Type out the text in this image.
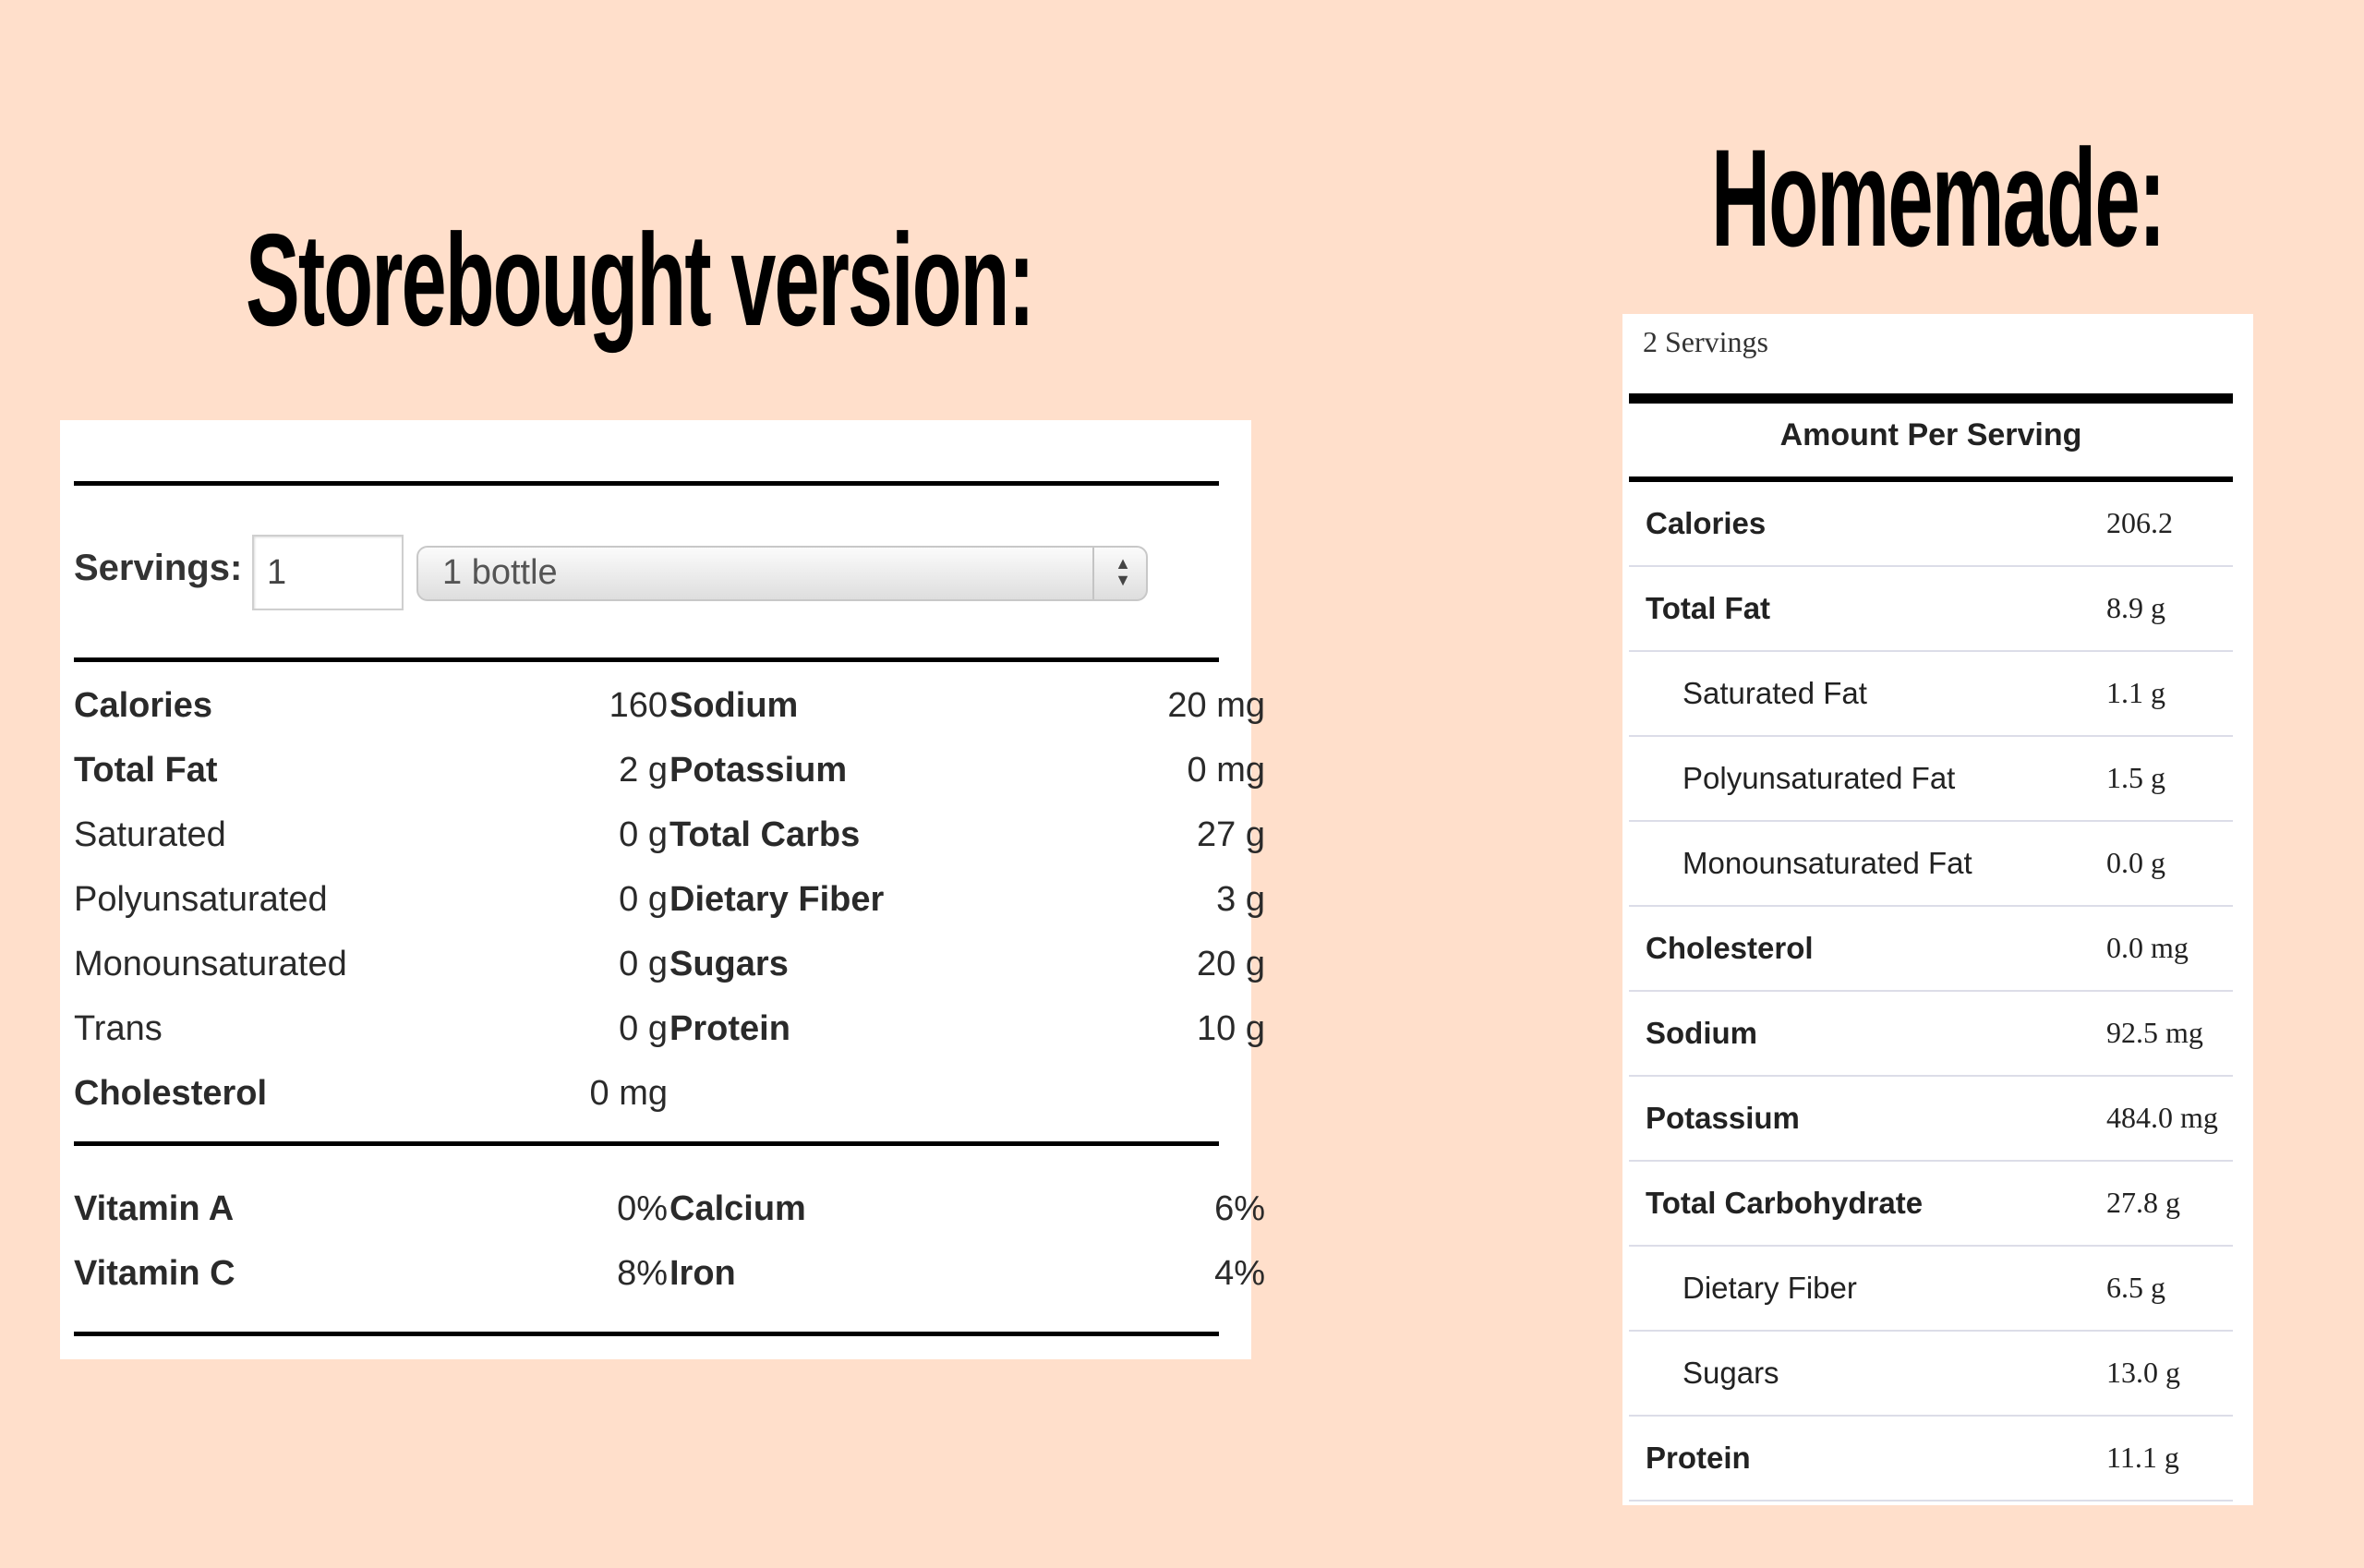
Storebought version:
Homemade:
Servings: 1	1 bottle	▲
▼
Calories	160
Total Fat	2 g
Saturated	0 g
Polyunsaturated	0 g
Monounsaturated	0 g
Trans	0 g
Cholesterol	0 mg
Sodium	20 mg
Potassium	0 mg
Total Carbs	27 g
Dietary Fiber	3 g
Sugars	20 g
Protein	10 g
Vitamin A	0%
Vitamin C	8%
Calcium	6%
Iron	4%
2 Servings
Amount Per Serving
Calories	206.2
Total Fat	8.9 g
Saturated Fat	1.1 g
Polyunsaturated Fat	1.5 g
Monounsaturated Fat	0.0 g
Cholesterol	0.0 mg
Sodium	92.5 mg
Potassium	484.0 mg
Total Carbohydrate	27.8 g
Dietary Fiber	6.5 g
Sugars	13.0 g
Protein	11.1 g
